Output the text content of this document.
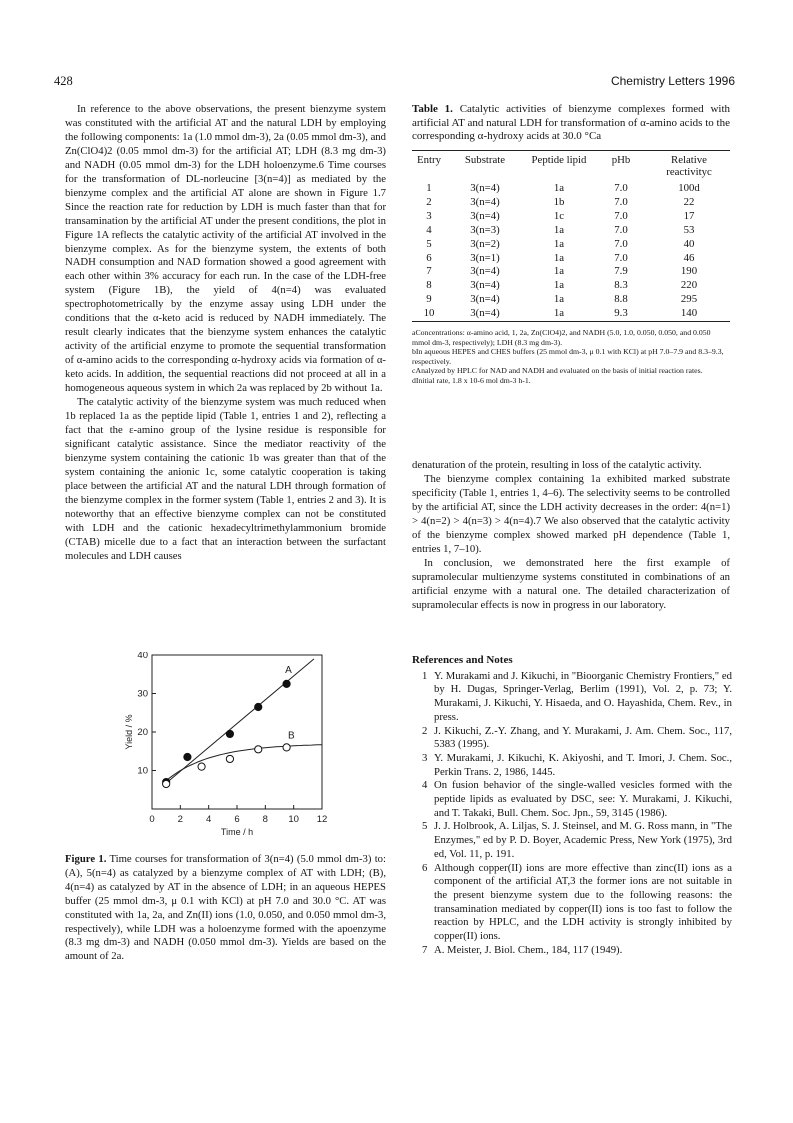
428	Chemistry Letters 1996

In reference to the above observations, the present bienzyme system was constituted with the artificial AT and the natural LDH by employing the following components: 1a (1.0 mmol dm-3), 2a (0.05 mmol dm-3), and Zn(ClO4)2 (0.05 mmol dm-3) for the artificial AT; LDH (8.3 mg dm-3) and NADH (0.05 mmol dm-3) for the LDH holoenzyme.6 Time courses for the transformation of DL-norleucine [3(n=4)] as mediated by the bienzyme complex and the artificial AT alone are shown in Figure 1.7 Since the reaction rate for reduction by LDH is much faster than that for transamination by the artificial AT under the present conditions, the plot in Figure 1A reflects the catalytic activity of the artificial AT involved in the bienzyme complex. As for the bienzyme system, the extents of both NADH consumption and NAD formation showed a good agreement with each other within 3% accuracy for each run. In the case of the LDH-free system (Figure 1B), the yield of 4(n=4) was evaluated spectrophotometrically by the enzyme assay using LDH under the conditions that the α-keto acid is reduced by NADH immediately. The result clearly indicates that the bienzyme system enhances the catalytic activity of the artificial enzyme to promote the sequential transformation of α-amino acids to the corresponding α-hydroxy acids via formation of α-keto acids. In addition, the sequential reactions did not proceed at all in a homogeneous aqueous system in which 2a was replaced by 2b without 1a.

The catalytic activity of the bienzyme system was much reduced when 1b replaced 1a as the peptide lipid (Table 1, entries 1 and 2), reflecting a fact that the ε-amino group of the lysine residue is responsible for significant catalytic assistance. Since the mediator reactivity of the bienzyme system containing the cationic 1b was greater than that of the system containing the anionic 1c, some catalytic cooperation is taking place between the artificial AT and the natural LDH through formation of the bienzyme complex in the former system (Table 1, entries 2 and 3). It is noteworthy that an effective bienzyme complex can not be constituted with LDH and the cationic hexadecyltrimethylammonium bromide (CTAB) micelle due to a fact that an interaction between the surfactant molecules and LDH causes

Table 1. Catalytic activities of bienzyme complexes formed with artificial AT and natural LDH for transformation of α-amino acids to the corresponding α-hydroxy acids at 30.0 °Ca
Entry	Substrate	Peptide lipid	pHb	Relative reactivityc
1	3(n=4)	1a	7.0	100d
2	3(n=4)	1b	7.0	22
3	3(n=4)	1c	7.0	17
4	3(n=3)	1a	7.0	53
5	3(n=2)	1a	7.0	40
6	3(n=1)	1a	7.0	46
7	3(n=4)	1a	7.9	190
8	3(n=4)	1a	8.3	220
9	3(n=4)	1a	8.8	295
10	3(n=4)	1a	9.3	140
aConcentrations: α-amino acid, 1, 2a, Zn(ClO4)2, and NADH (5.0, 1.0, 0.050, 0.050, and 0.050 mmol dm-3, respectively); LDH (8.3 mg dm-3).
bIn aqueous HEPES and CHES buffers (25 mmol dm-3, μ 0.1 with KCl) at pH 7.0–7.9 and 8.3–9.3, respectively.
cAnalyzed by HPLC for NAD and NADH and evaluated on the basis of initial reaction rates.
dInitial rate, 1.8 x 10-6 mol dm-3 h-1.

denaturation of the protein, resulting in loss of the catalytic activity.

The bienzyme complex containing 1a exhibited marked substrate specificity (Table 1, entries 1, 4–6). The selectivity seems to be controlled by the artificial AT, since the LDH activity decreases in the order: 4(n=1) > 4(n=2) > 4(n=3) > 4(n=4).7 We also observed that the catalytic activity of the bienzyme complex showed marked pH dependence (Table 1, entries 1, 7–10).

In conclusion, we demonstrated here the first example of supramolecular multienzyme systems constituted in combinations of an artificial enzyme with a natural one. The detailed characterization of supramolecular effects is now in progress in our laboratory.

0 2 4 6 8 10 12
10
20
30
40
Time / h
Yield / %
A
B
Figure 1. Time courses for transformation of 3(n=4) (5.0 mmol dm-3) to: (A), 5(n=4) as catalyzed by a bienzyme complex of AT with LDH; (B), 4(n=4) as catalyzed by AT in the absence of LDH; in an aqueous HEPES buffer (25 mmol dm-3, μ 0.1 with KCl) at pH 7.0 and 30.0 °C. AT was constituted with 1a, 2a, and Zn(II) ions (1.0, 0.050, and 0.050 mmol dm-3, respectively), while LDH was a holoenzyme formed with the apoenzyme (8.3 mg dm-3) and NADH (0.050 mmol dm-3). Yields are based on the amount of 2a.
References and Notes
1 Y. Murakami and J. Kikuchi, in "Bioorganic Chemistry Frontiers," ed by H. Dugas, Springer-Verlag, Berlim (1991), Vol. 2, p. 73; Y. Murakami, J. Kikuchi, Y. Hisaeda, and O. Hayashida, Chem. Rev., in press.
2 J. Kikuchi, Z.-Y. Zhang, and Y. Murakami, J. Am. Chem. Soc., 117, 5383 (1995).
3 Y. Murakami, J. Kikuchi, K. Akiyoshi, and T. Imori, J. Chem. Soc., Perkin Trans. 2, 1986, 1445.
4 On fusion behavior of the single-walled vesicles formed with the peptide lipids as evaluated by DSC, see: Y. Murakami, J. Kikuchi, and T. Takaki, Bull. Chem. Soc. Jpn., 59, 3145 (1986).
5 J. J. Holbrook, A. Liljas, S. J. Steinsel, and M. G. Ross mann, in "The Enzymes," ed by P. D. Boyer, Academic Press, New York (1975), 3rd ed, Vol. 11, p. 191.
6 Although copper(II) ions are more effective than zinc(II) ions as a component of the artificial AT,3 the former ions are not suitable in the present bienzyme system due to the following reasons: the transamination mediated by copper(II) ions is too fast to follow the reaction by HPLC, and the LDH activity is strongly inhibited by copper(II) ions.
7 A. Meister, J. Biol. Chem., 184, 117 (1949).
